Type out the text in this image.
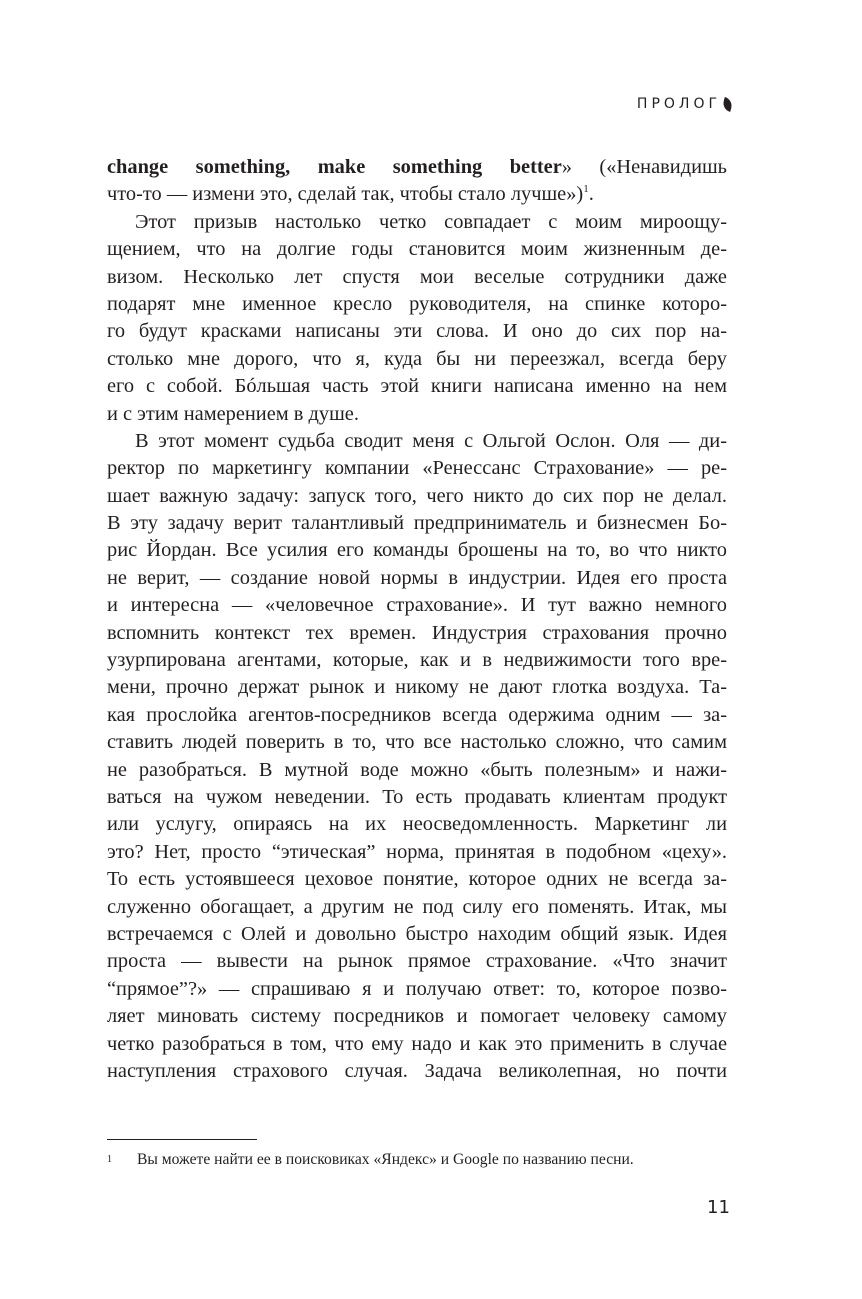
ПРОЛОГ
change something, make something better» («Ненавидишь
что-то — измени это, сделай так, чтобы стало лучше»)$^1$.
Этот призыв настолько четко совпадает с моим мироощу-
щением, что на долгие годы становится моим жизненным де-
визом. Несколько лет спустя мои веселые сотрудники даже
подарят мне именное кресло руководителя, на спинке которо-
го будут красками написаны эти слова. И оно до сих пор на-
столько мне дорого, что я, куда бы ни переезжал, всегда беру
его с собой. Бóльшая часть этой книги написана именно на нем
и с этим намерением в душе.
В этот момент судьба сводит меня с Ольгой Ослон. Оля — ди-
ректор по маркетингу компании «Ренессанс Страхование» — ре-
шает важную задачу: запуск того, чего никто до сих пор не делал.
В эту задачу верит талантливый предприниматель и бизнесмен Бо-
рис Йордан. Все усилия его команды брошены на то, во что никто
не верит, — создание новой нормы в индустрии. Идея его проста
и интересна — «человечное страхование». И тут важно немного
вспомнить контекст тех времен. Индустрия страхования прочно
узурпирована агентами, которые, как и в недвижимости того вре-
мени, прочно держат рынок и никому не дают глотка воздуха. Та-
кая прослойка агентов-посредников всегда одержима одним — за-
ставить людей поверить в то, что все настолько сложно, что самим
не разобраться. В мутной воде можно «быть полезным» и нажи-
ваться на чужом неведении. То есть продавать клиентам продукт
или услугу, опираясь на их неосведомленность. Маркетинг ли
это? Нет, просто “этическая” норма, принятая в подобном «цеху».
То есть устоявшееся цеховое понятие, которое одних не всегда за-
служенно обогащает, а другим не под силу его поменять. Итак, мы
встречаемся с Олей и довольно быстро находим общий язык. Идея
проста — вывести на рынок прямое страхование. «Что значит
“прямое”?» — спрашиваю я и получаю ответ: то, которое позво-
ляет миновать систему посредников и помогает человеку самому
четко разобраться в том, что ему надо и как это применить в случае
наступления страхового случая. Задача великолепная, но почти
1 Вы можете найти ее в поисковиках «Яндекс» и Google по названию песни.
11
